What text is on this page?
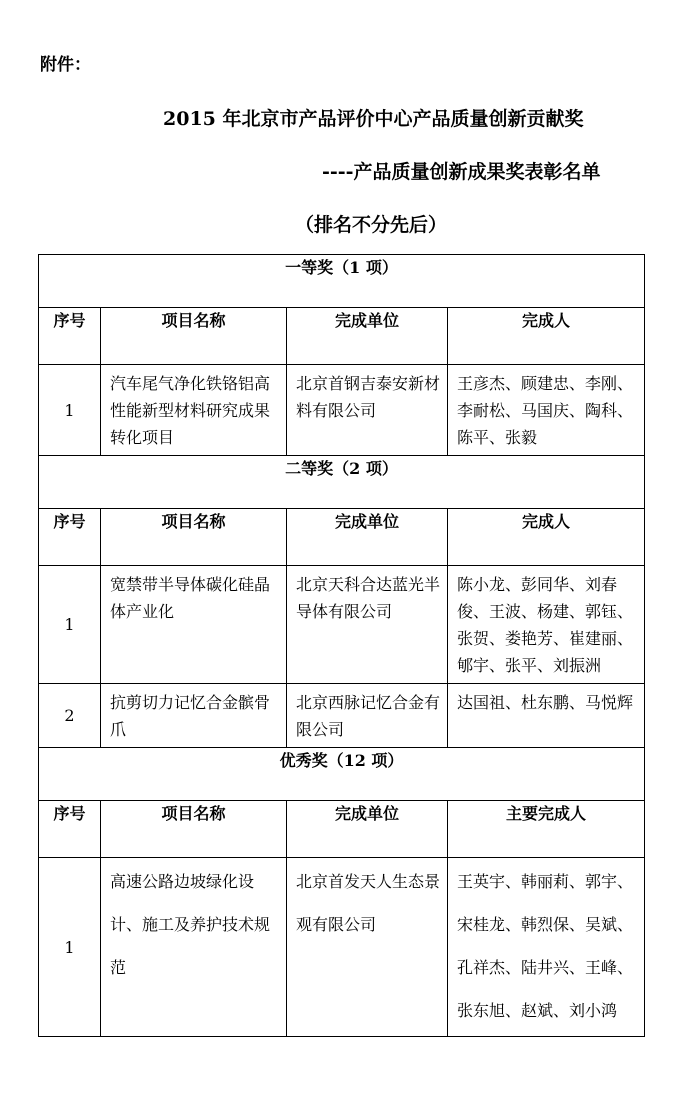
附件：
2015 年北京市产品评价中心产品质量创新贡献奖
----产品质量创新成果奖表彰名单
（排名不分先后）
一等奖（1 项）			
序号	项目名称	完成单位	完成人
1	汽车尾气净化铁铬铝高性能新型材料研究成果转化项目	北京首钢吉泰安新材料有限公司	王彦杰、顾建忠、李刚、李耐松、马国庆、陶科、陈平、张毅
二等奖（2 项）			
序号	项目名称	完成单位	完成人
1	宽禁带半导体碳化硅晶体产业化	北京天科合达蓝光半导体有限公司	陈小龙、彭同华、刘春俊、王波、杨建、郭钰、张贺、娄艳芳、崔建丽、郇宇、张平、刘振洲
2	抗剪切力记忆合金髌骨爪	北京西脉记忆合金有限公司	达国祖、杜东鹏、马悦辉
优秀奖（12 项）			
序号	项目名称	完成单位	主要完成人
1	高速公路边坡绿化设计、施工及养护技术规范	北京首发天人生态景观有限公司	王英宇、韩丽莉、郭宇、宋桂龙、韩烈保、吴斌、孔祥杰、陆井兴、王峰、张东旭、赵斌、刘小鸿
